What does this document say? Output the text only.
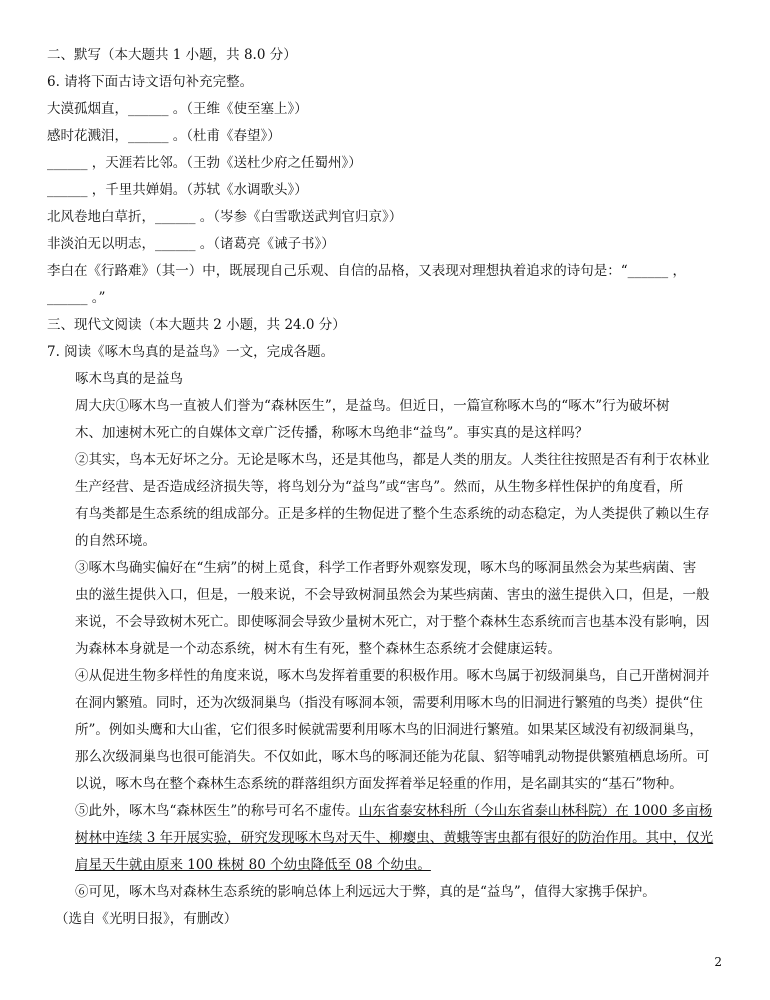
二、默写（本大题共 1 小题，共 8.0 分）
6. 请将下面古诗文语句补充完整。
大漠孤烟直，______ 。（王维《使至塞上》）
感时花溅泪，______ 。（杜甫《春望》）
______ ，天涯若比邻。（王勃《送杜少府之任蜀州》）
______ ，千里共婵娟。（苏轼《水调歌头》）
北风卷地白草折，______ 。（岑参《白雪歌送武判官归京》）
非淡泊无以明志，______ 。（诸葛亮《诫子书》）
李白在《行路难》（其一）中，既展现自己乐观、自信的品格，又表现对理想执着追求的诗句是：“______ ，
______ 。”
三、现代文阅读（本大题共 2 小题，共 24.0 分）
7. 阅读《啄木鸟真的是益鸟》一文，完成各题。
啄木鸟真的是益鸟
周大庆①啄木鸟一直被人们誉为“森林医生”，是益鸟。但近日，一篇宣称啄木鸟的“啄木”行为破坏树
木、加速树木死亡的自媒体文章广泛传播，称啄木鸟绝非“益鸟”。事实真的是这样吗？
②其实，鸟本无好坏之分。无论是啄木鸟，还是其他鸟，都是人类的朋友。人类往往按照是否有利于农林业
生产经营、是否造成经济损失等，将鸟划分为“益鸟”或“害鸟”。然而，从生物多样性保护的角度看，所
有鸟类都是生态系统的组成部分。正是多样的生物促进了整个生态系统的动态稳定，为人类提供了赖以生存
的自然环境。
③啄木鸟确实偏好在“生病”的树上觅食，科学工作者野外观察发现，啄木鸟的啄洞虽然会为某些病菌、害
虫的滋生提供入口，但是，一般来说，不会导致树洞虽然会为某些病菌、害虫的滋生提供入口，但是，一般
来说，不会导致树木死亡。即使啄洞会导致少量树木死亡，对于整个森林生态系统而言也基本没有影响，因
为森林本身就是一个动态系统，树木有生有死，整个森林生态系统才会健康运转。
④从促进生物多样性的角度来说，啄木鸟发挥着重要的积极作用。啄木鸟属于初级洞巢鸟，自己开凿树洞并
在洞内繁殖。同时，还为次级洞巢鸟（指没有啄洞本领，需要利用啄木鸟的旧洞进行繁殖的鸟类）提供“住
所”。例如头鹰和大山雀，它们很多时候就需要利用啄木鸟的旧洞进行繁殖。如果某区域没有初级洞巢鸟，
那么次级洞巢鸟也很可能消失。不仅如此，啄木鸟的啄洞还能为花鼠、貂等哺乳动物提供繁殖栖息场所。可
以说，啄木鸟在整个森林生态系统的群落组织方面发挥着举足轻重的作用，是名副其实的“基石”物种。
⑤此外，啄木鸟“森林医生”的称号可名不虚传。山东省泰安林科所（今山东省泰山林科院）在 1000 多亩杨
树林中连续 3 年开展实验，研究发现啄木鸟对天牛、柳瘿虫、黄蛾等害虫都有很好的防治作用。其中，仅光
肩星天牛就由原来 100 株树 80 个幼虫降低至 08 个幼虫。
⑥可见，啄木鸟对森林生态系统的影响总体上利远远大于弊，真的是“益鸟”，值得大家携手保护。
（选自《光明日报》，有删改）
2
